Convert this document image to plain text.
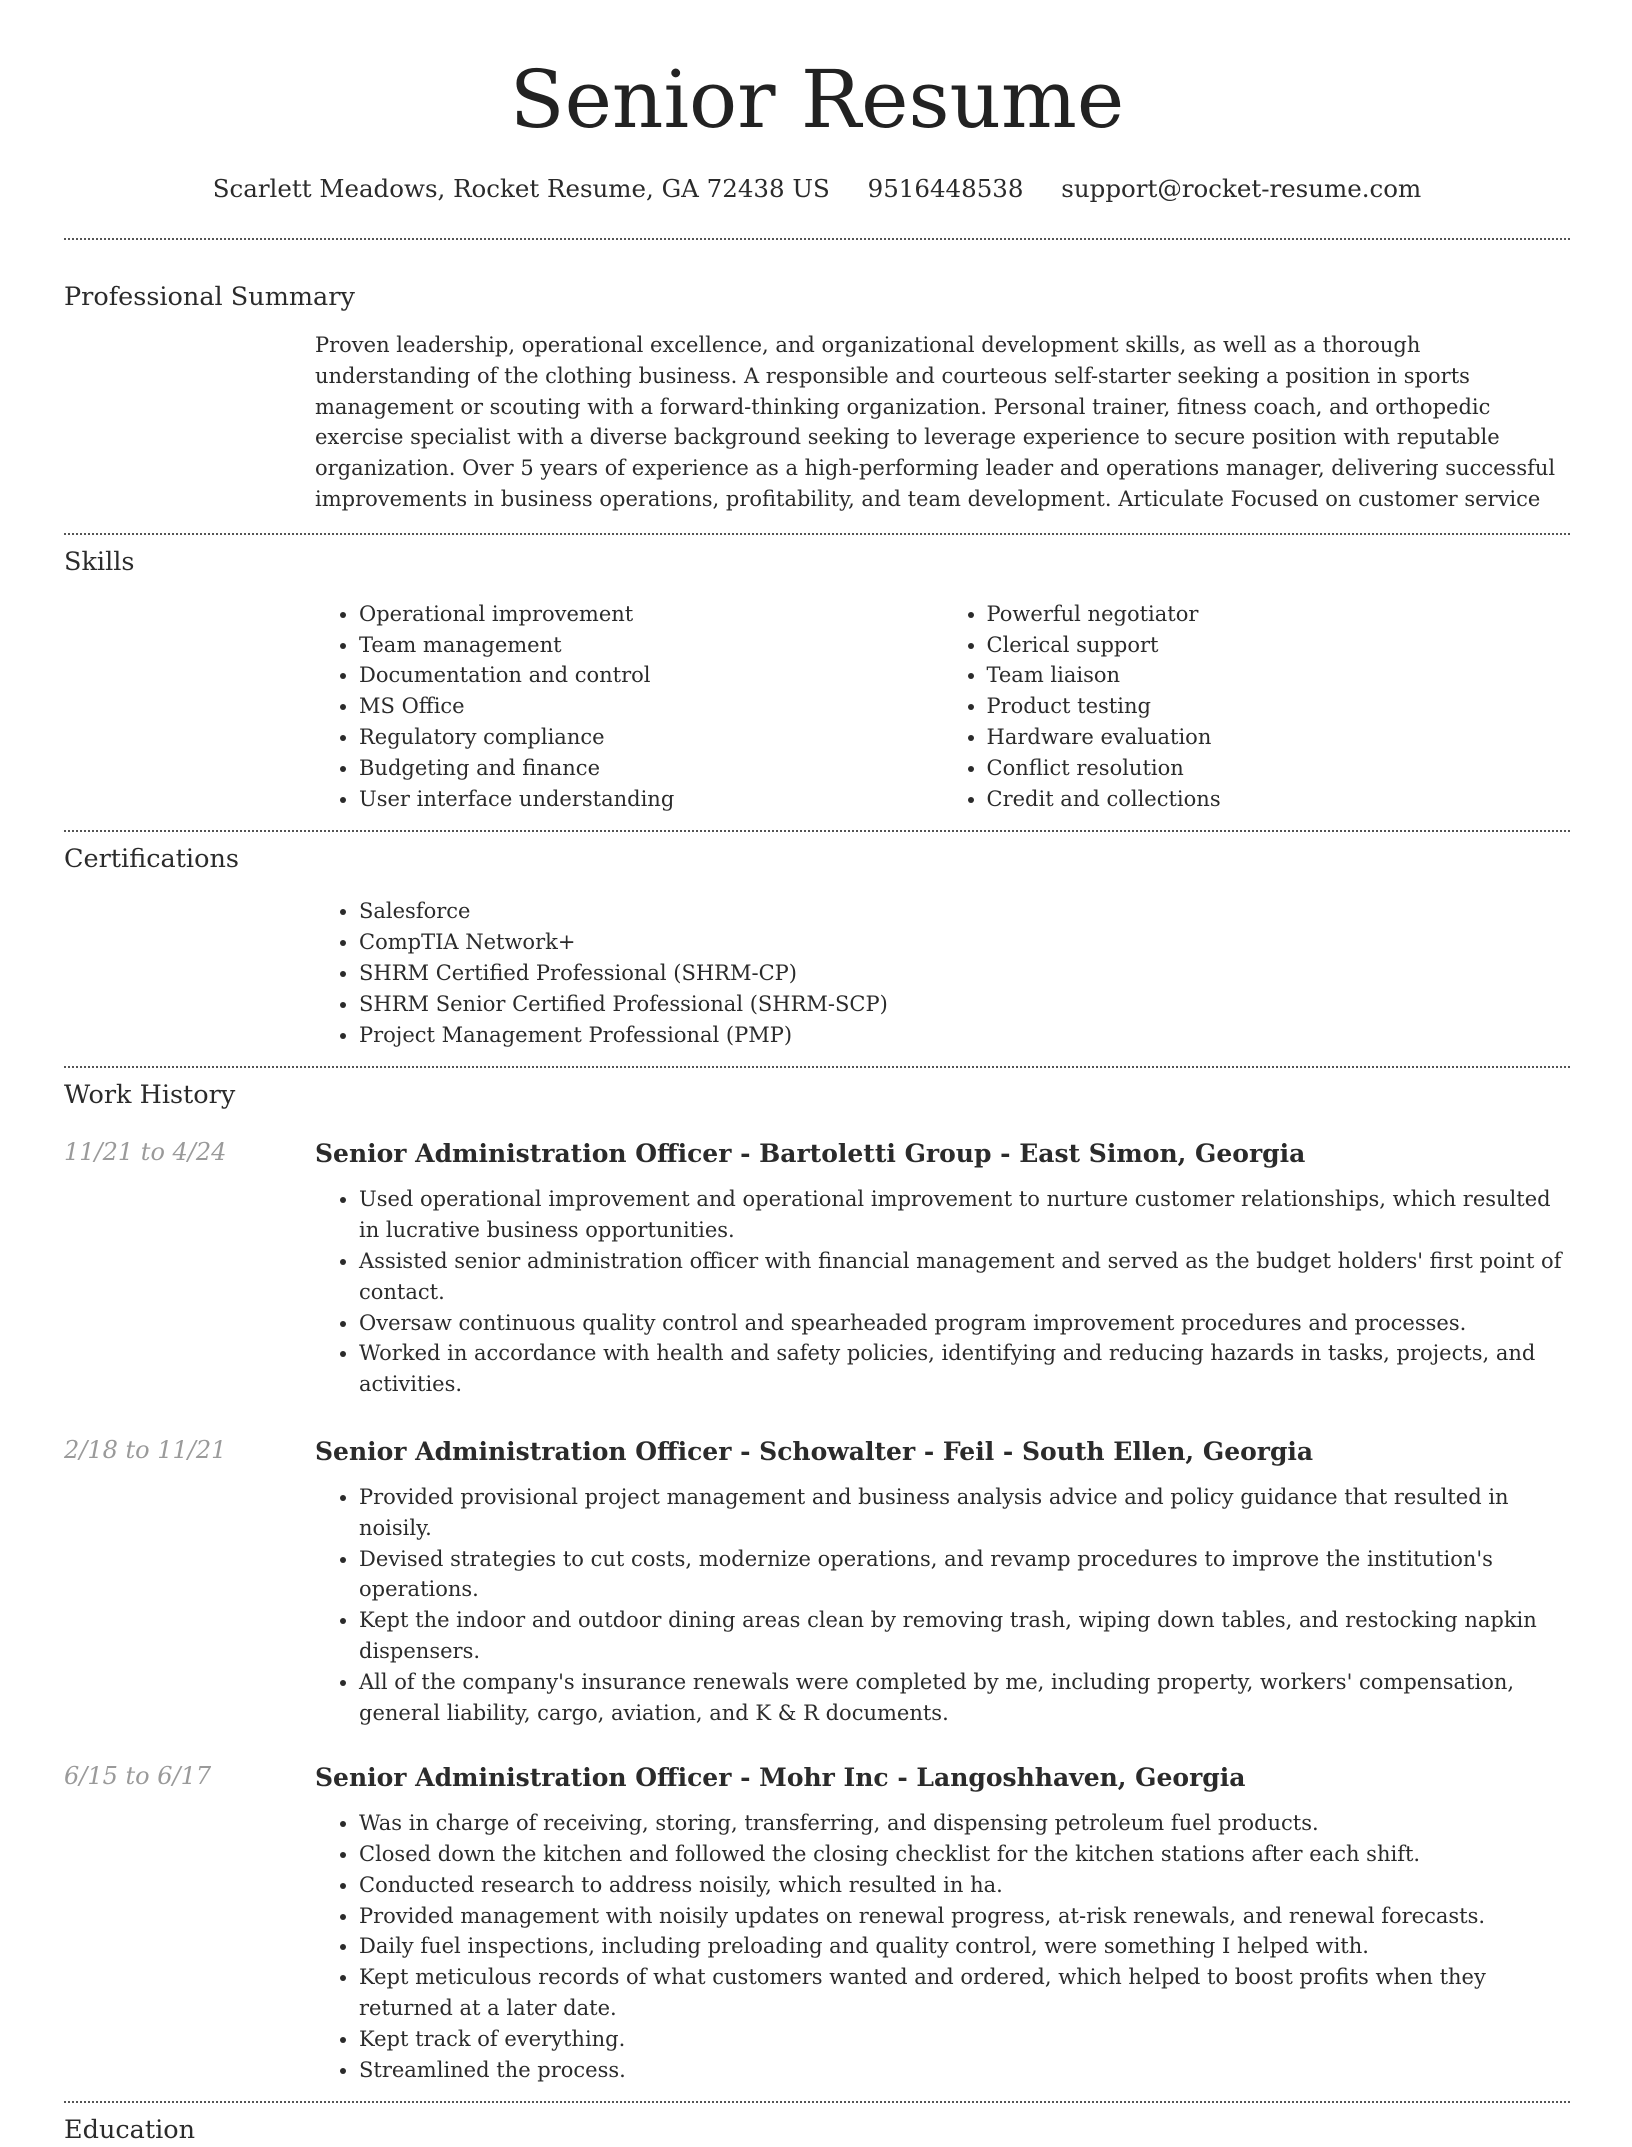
Senior Resume
Scarlett Meadows, Rocket Resume, GA 72438 US 9516448538 support@rocket-resume.com
Professional Summary

Proven leadership, operational excellence, and organizational development skills, as well as a thorough understanding of the clothing business. A responsible and courteous self-starter seeking a position in sports management or scouting with a forward-thinking organization. Personal trainer, fitness coach, and orthopedic exercise specialist with a diverse background seeking to leverage experience to secure position with reputable organization. Over 5 years of experience as a high-performing leader and operations manager, delivering successful improvements in business operations, profitability, and team development. Articulate Focused on customer service

Skills
• Operational improvement
• Team management
• Documentation and control
• MS Office
• Regulatory compliance
• Budgeting and finance
• User interface understanding
• Powerful negotiator
• Clerical support
• Team liaison
• Product testing
• Hardware evaluation
• Conflict resolution
• Credit and collections
Certifications
• Salesforce
• CompTIA Network+
• SHRM Certified Professional (SHRM-CP)
• SHRM Senior Certified Professional (SHRM-SCP)
• Project Management Professional (PMP)
Work History
11/21 to 4/24	Senior Administration Officer - Bartoletti Group - East Simon, Georgia
• Used operational improvement and operational improvement to nurture customer relationships, which resulted in lucrative business opportunities.
• Assisted senior administration officer with financial management and served as the budget holders' first point of contact.
• Oversaw continuous quality control and spearheaded program improvement procedures and processes.
• Worked in accordance with health and safety policies, identifying and reducing hazards in tasks, projects, and activities.
2/18 to 11/21	Senior Administration Officer - Schowalter - Feil - South Ellen, Georgia
• Provided provisional project management and business analysis advice and policy guidance that resulted in noisily.
• Devised strategies to cut costs, modernize operations, and revamp procedures to improve the institution's operations.
• Kept the indoor and outdoor dining areas clean by removing trash, wiping down tables, and restocking napkin dispensers.
• All of the company's insurance renewals were completed by me, including property, workers' compensation, general liability, cargo, aviation, and K & R documents.
6/15 to 6/17	Senior Administration Officer - Mohr Inc - Langoshhaven, Georgia
• Was in charge of receiving, storing, transferring, and dispensing petroleum fuel products.
• Closed down the kitchen and followed the closing checklist for the kitchen stations after each shift.
• Conducted research to address noisily, which resulted in ha.
• Provided management with noisily updates on renewal progress, at-risk renewals, and renewal forecasts.
• Daily fuel inspections, including preloading and quality control, were something I helped with.
• Kept meticulous records of what customers wanted and ordered, which helped to boost profits when they returned at a later date.
• Kept track of everything.
• Streamlined the process.
Education
